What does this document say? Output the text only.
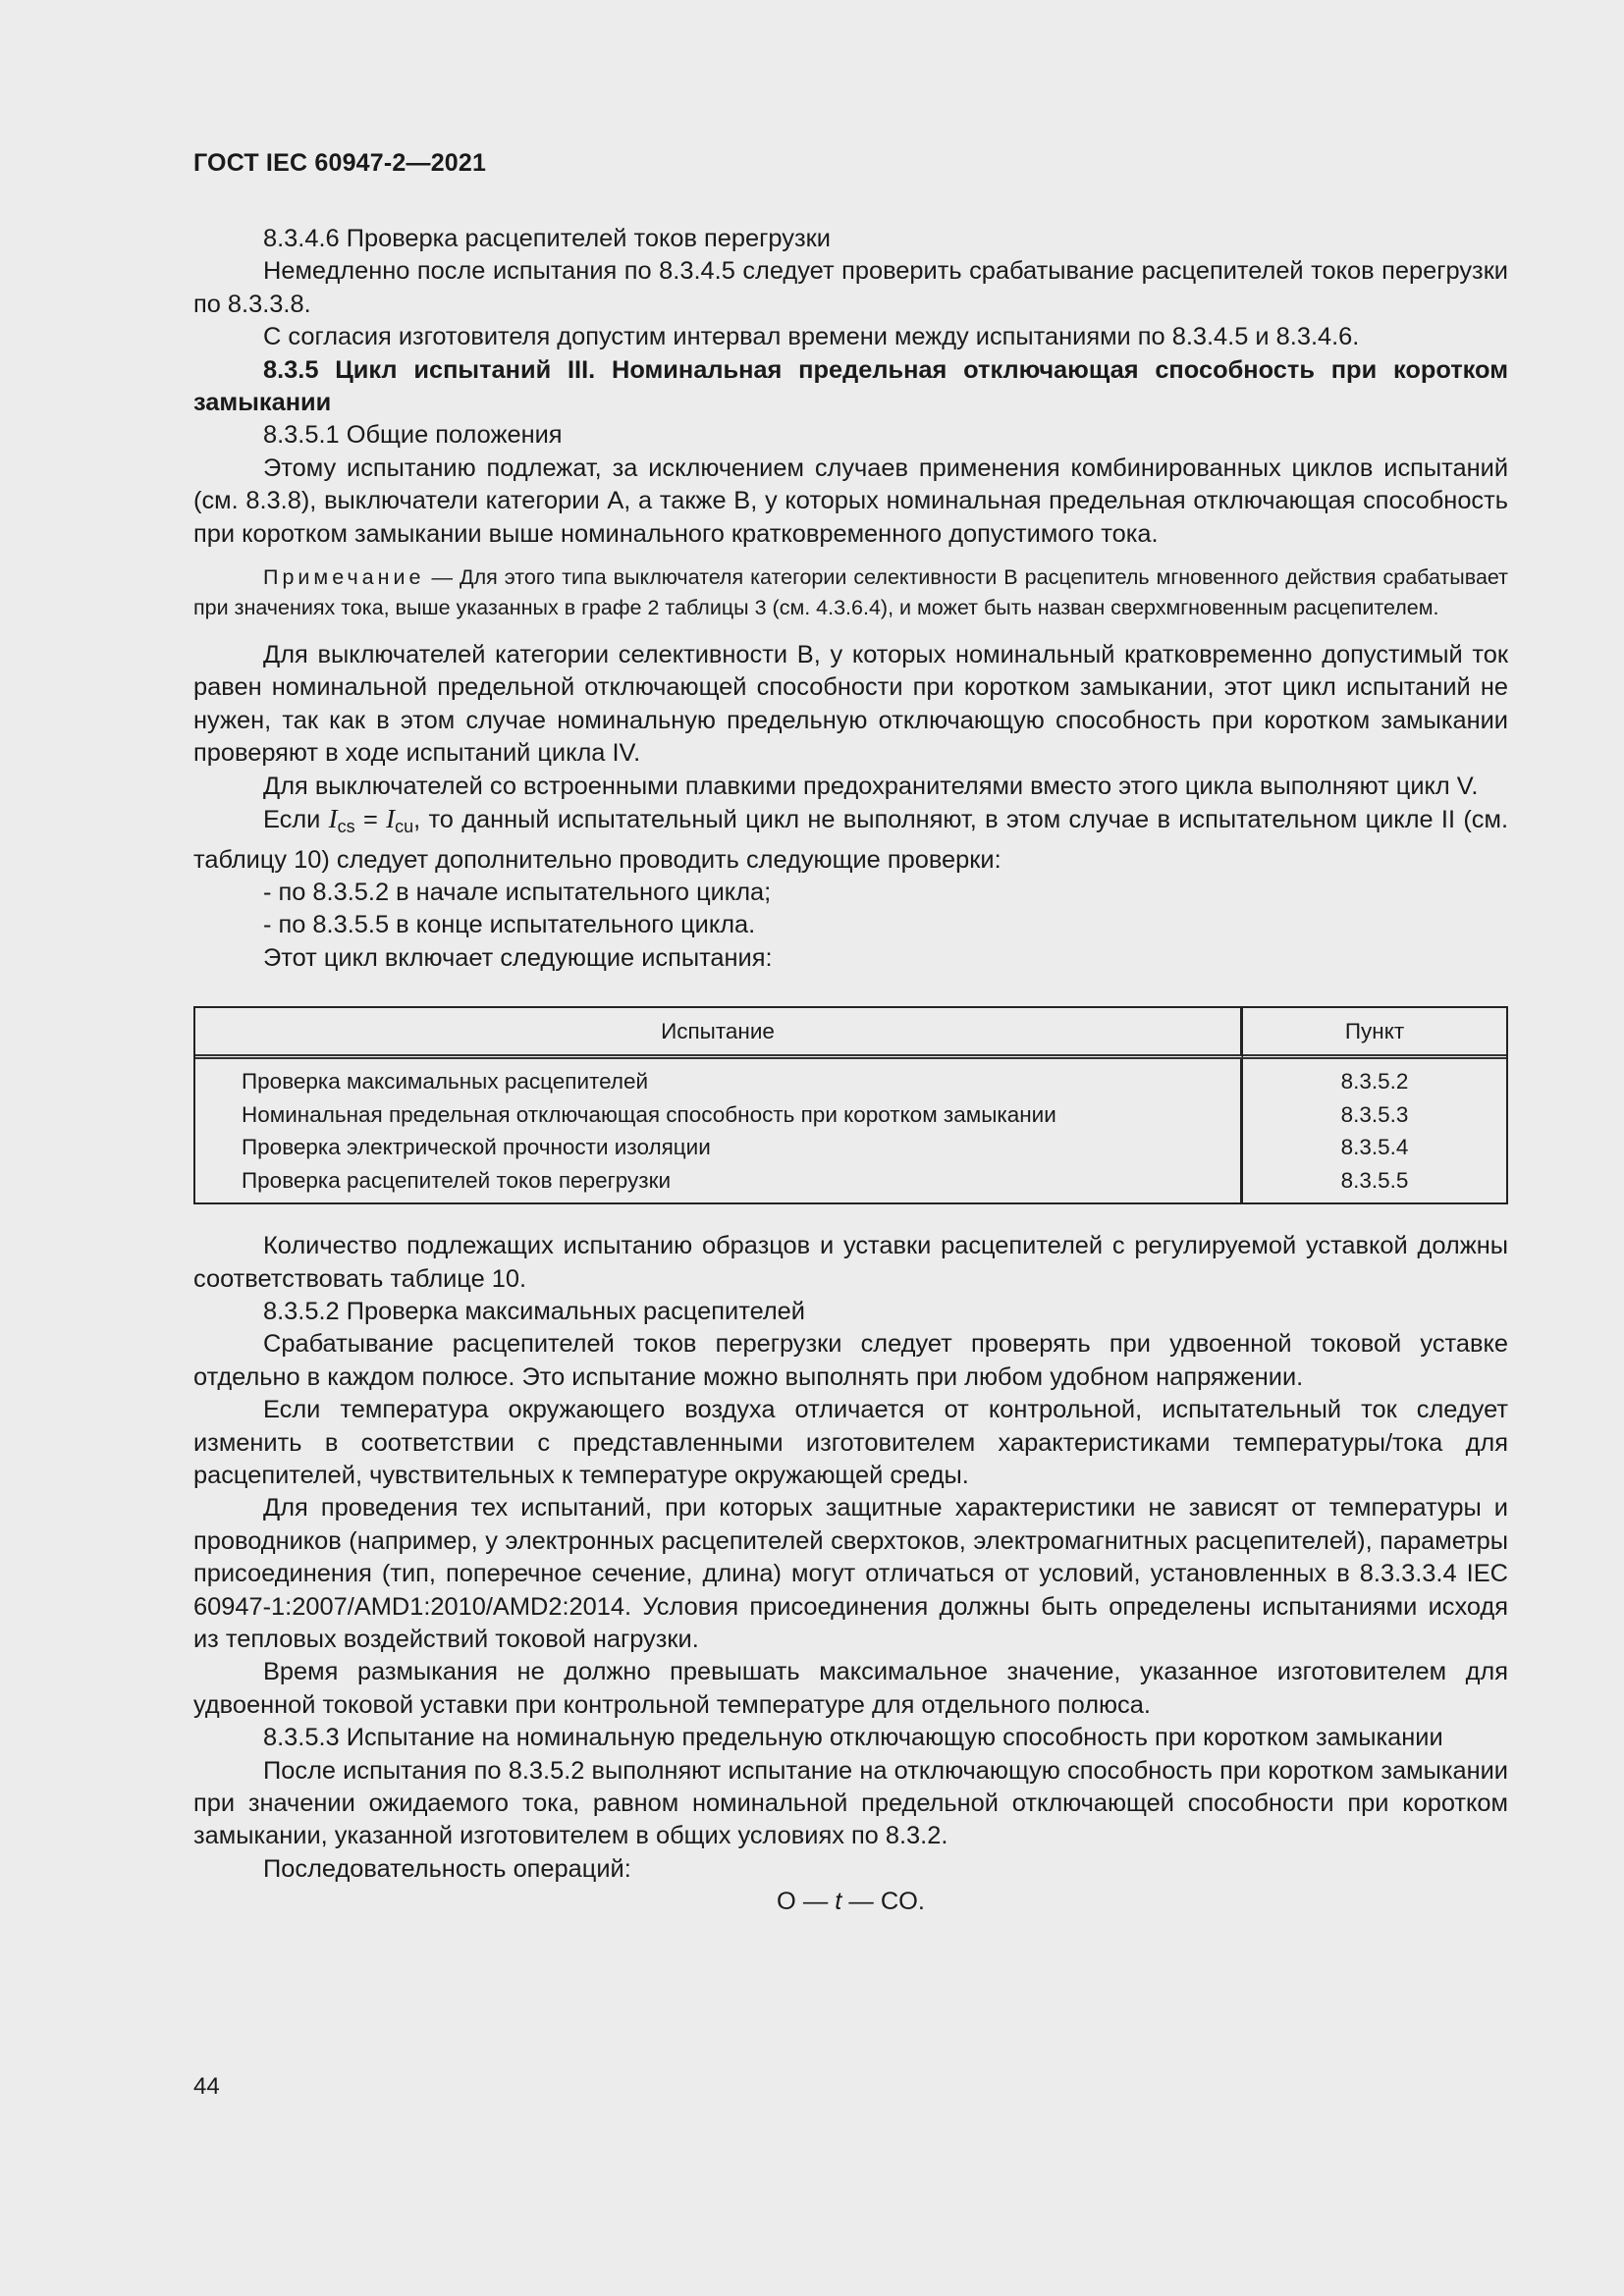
ГОСТ IEC 60947-2—2021

8.3.4.6 Проверка расцепителей токов перегрузки

Немедленно после испытания по 8.3.4.5 следует проверить срабатывание расцепителей токов перегрузки по 8.3.3.8.

С согласия изготовителя допустим интервал времени между испытаниями по 8.3.4.5 и 8.3.4.6.

8.3.5 Цикл испытаний III. Номинальная предельная отключающая способность при коротком замыкании

8.3.5.1 Общие положения

Этому испытанию подлежат, за исключением случаев применения комбинированных циклов испытаний (см. 8.3.8), выключатели категории А, а также В, у которых номинальная предельная отключающая способность при коротком замыкании выше номинального кратковременного допустимого тока.

Примечание — Для этого типа выключателя категории селективности В расцепитель мгновенного действия срабатывает при значениях тока, выше указанных в графе 2 таблицы 3 (см. 4.3.6.4), и может быть назван сверхмгновенным расцепителем.

Для выключателей категории селективности В, у которых номинальный кратковременно допустимый ток равен номинальной предельной отключающей способности при коротком замыкании, этот цикл испытаний не нужен, так как в этом случае номинальную предельную отключающую способность при коротком замыкании проверяют в ходе испытаний цикла IV.

Для выключателей со встроенными плавкими предохранителями вместо этого цикла выполняют цикл V.

Если $I_{cs} = I_{cu}$, то данный испытательный цикл не выполняют, в этом случае в испытательном цикле II (см. таблицу 10) следует дополнительно проводить следующие проверки:

- по 8.3.5.2 в начале испытательного цикла;

- по 8.3.5.5 в конце испытательного цикла.

Этот цикл включает следующие испытания:

Испытание	Пункт
Проверка максимальных расцепителей	8.3.5.2
Номинальная предельная отключающая способность при коротком замыкании	8.3.5.3
Проверка электрической прочности изоляции	8.3.5.4
Проверка расцепителей токов перегрузки	8.3.5.5

Количество подлежащих испытанию образцов и уставки расцепителей с регулируемой уставкой должны соответствовать таблице 10.

8.3.5.2 Проверка максимальных расцепителей

Срабатывание расцепителей токов перегрузки следует проверять при удвоенной токовой уставке отдельно в каждом полюсе. Это испытание можно выполнять при любом удобном напряжении.

Если температура окружающего воздуха отличается от контрольной, испытательный ток следует изменить в соответствии с представленными изготовителем характеристиками температуры/тока для расцепителей, чувствительных к температуре окружающей среды.

Для проведения тех испытаний, при которых защитные характеристики не зависят от температуры и проводников (например, у электронных расцепителей сверхтоков, электромагнитных расцепителей), параметры присоединения (тип, поперечное сечение, длина) могут отличаться от условий, установленных в 8.3.3.3.4 IEC 60947-1:2007/AMD1:2010/AMD2:2014. Условия присоединения должны быть определены испытаниями исходя из тепловых воздействий токовой нагрузки.

Время размыкания не должно превышать максимальное значение, указанное изготовителем для удвоенной токовой уставки при контрольной температуре для отдельного полюса.

8.3.5.3 Испытание на номинальную предельную отключающую способность при коротком замыкании

После испытания по 8.3.5.2 выполняют испытание на отключающую способность при коротком замыкании при значении ожидаемого тока, равном номинальной предельной отключающей способности при коротком замыкании, указанной изготовителем в общих условиях по 8.3.2.

Последовательность операций:

O — t — CO.

44
